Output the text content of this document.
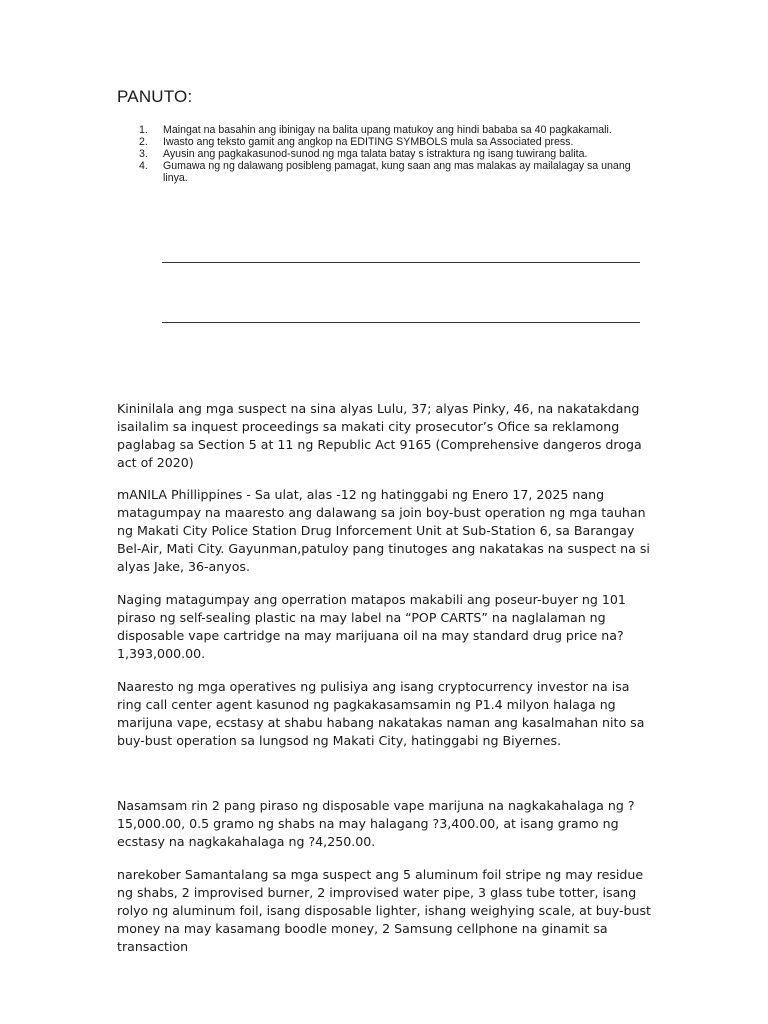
PANUTO:
1. Maingat na basahin ang ibinigay na balita upang matukoy ang hindi bababa sa 40 pagkakamali.
2. Iwasto ang teksto gamit ang angkop na EDITING SYMBOLS mula sa Associated press.
3. Ayusin ang pagkakasunod-sunod ng mga talata batay s istraktura ng isang tuwirang balita.
4. Gumawa ng ng dalawang posibleng pamagat, kung saan ang mas malakas ay mailalagay sa unang linya.

Kininilala ang mga suspect na sina alyas Lulu, 37; alyas Pinky, 46, na nakatakdang isailalim sa inquest proceedings sa makati city prosecutor’s Ofice sa reklamong paglabag sa Section 5 at 11 ng Republic Act 9165 (Comprehensive dangeros droga act of 2020)

mANILA Phillippines - Sa ulat, alas -12 ng hatinggabi ng Enero 17, 2025 nang matagumpay na maaresto ang dalawang sa join boy-bust operation ng mga tauhan ng Makati City Police Station Drug Inforcement Unit at Sub-Station 6, sa Barangay Bel-Air, Mati City. Gayunman,patuloy pang tinutoges ang nakatakas na suspect na si alyas Jake, 36-anyos.

Naging matagumpay ang operration matapos makabili ang poseur-buyer ng 101 piraso ng self-sealing plastic na may label na “POP CARTS” na naglalaman ng disposable vape cartridge na may marijuana oil na may standard drug price na?1,393,000.00.

Naaresto ng mga operatives ng pulisiya ang isang cryptocurrency investor na isa ring call center agent kasunod ng pagkakasamsamin ng P1.4 milyon halaga ng marijuna vape, ecstasy at shabu habang nakatakas naman ang kasalmahan nito sa buy-bust operation sa lungsod ng Makati City, hatinggabi ng Biyernes.

Nasamsam rin 2 pang piraso ng disposable vape marijuna na nagkakahalaga ng ? 15,000.00, 0.5 gramo ng shabs na may halagang ?3,400.00, at isang gramo ng ecstasy na nagkakahalaga ng ?4,250.00.

narekober Samantalang sa mga suspect ang 5 aluminum foil stripe ng may residue ng shabs, 2 improvised burner, 2 improvised water pipe, 3 glass tube totter, isang rolyo ng aluminum foil, isang disposable lighter, ishang weighying scale, at buy-bust money na may kasamang boodle money, 2 Samsung cellphone na ginamit sa transaction
